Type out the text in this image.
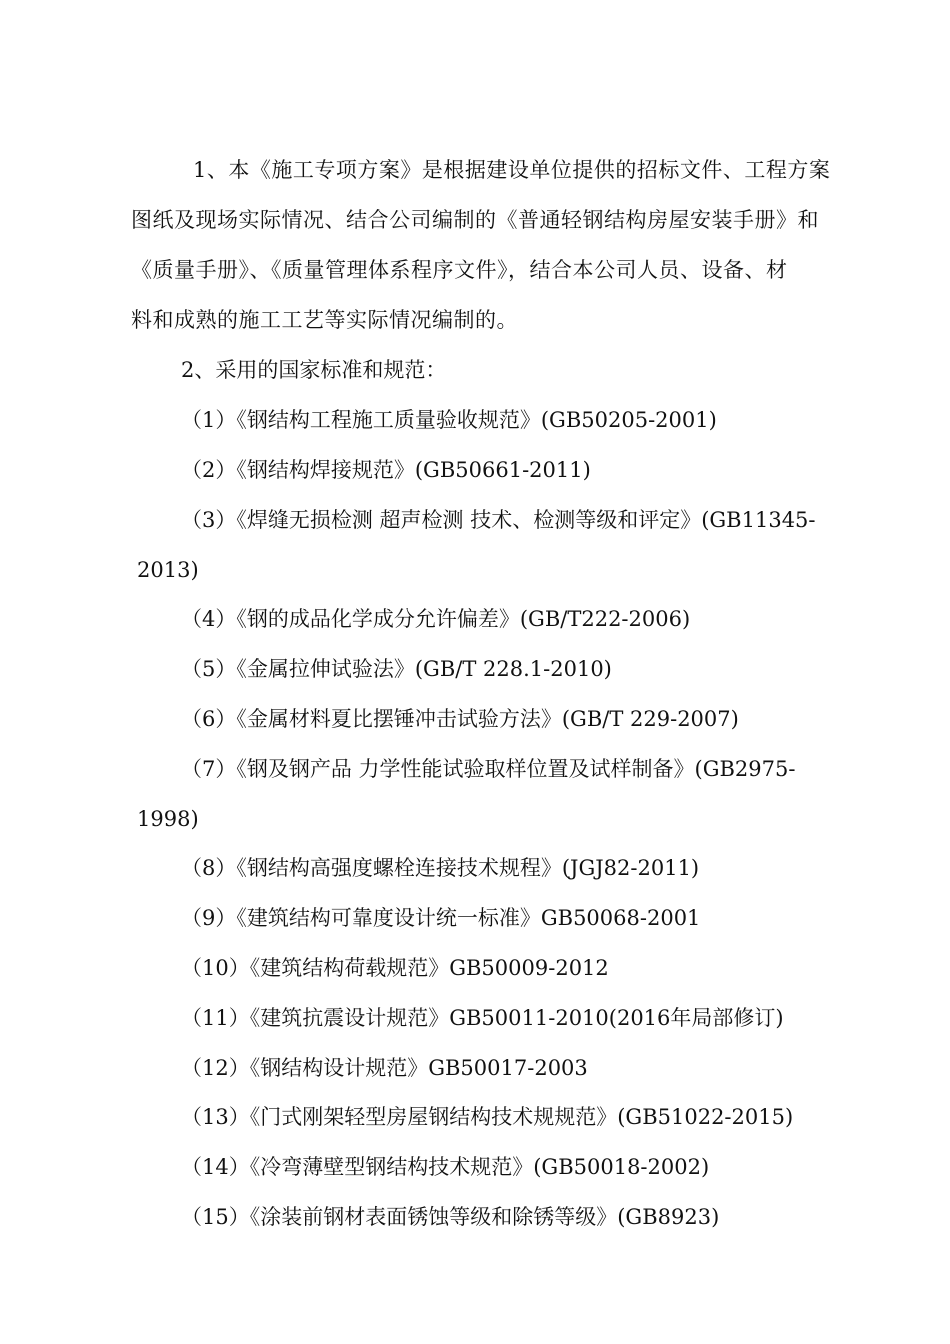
1、本《施工专项方案》是根据建设单位提供的招标文件、工程方案
图纸及现场实际情况、结合公司编制的《普通轻钢结构房屋安装手册》和
《质量手册》、《质量管理体系程序文件》，结合本公司人员、设备、材
料和成熟的施工工艺等实际情况编制的。
2、采用的国家标准和规范：
（1）《钢结构工程施工质量验收规范》(GB50205-2001)
（2）《钢结构焊接规范》(GB50661-2011)
（3）《焊缝无损检测 超声检测 技术、检测等级和评定》(GB11345-
2013)
（4）《钢的成品化学成分允许偏差》(GB/T222-2006)
（5）《金属拉伸试验法》(GB/T 228.1-2010)
（6）《金属材料夏比摆锤冲击试验方法》(GB/T 229-2007)
（7）《钢及钢产品 力学性能试验取样位置及试样制备》(GB2975-
1998)
（8）《钢结构高强度螺栓连接技术规程》(JGJ82-2011)
（9）《建筑结构可靠度设计统一标准》GB50068-2001
（10）《建筑结构荷载规范》GB50009-2012
（11）《建筑抗震设计规范》GB50011-2010(2016年局部修订)
（12）《钢结构设计规范》GB50017-2003
（13）《门式刚架轻型房屋钢结构技术规规范》(GB51022-2015)
（14）《冷弯薄壁型钢结构技术规范》(GB50018-2002)
（15）《涂装前钢材表面锈蚀等级和除锈等级》(GB8923)
